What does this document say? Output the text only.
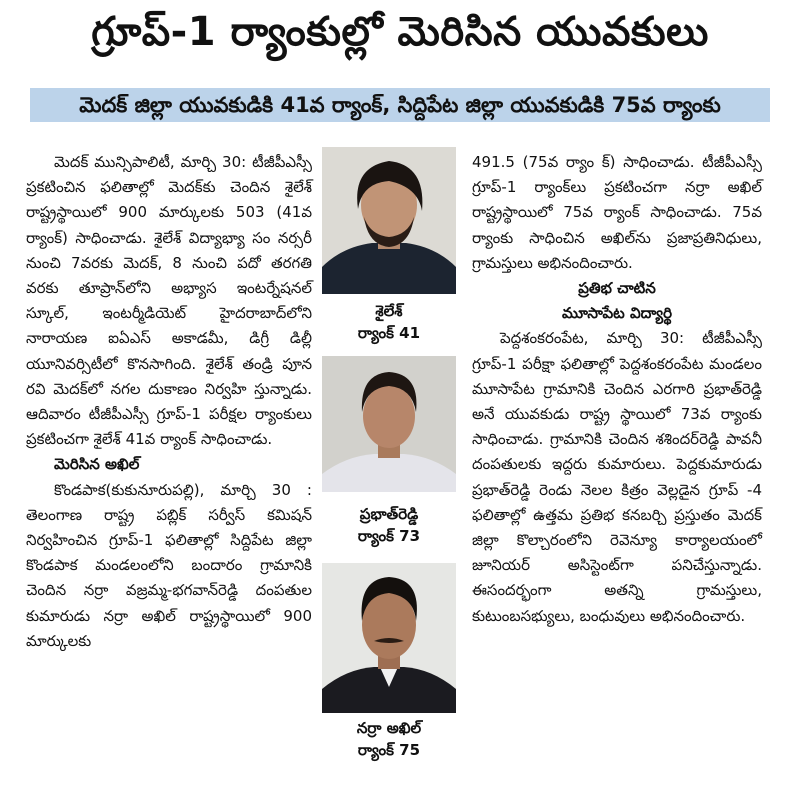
గ్రూప్-1 ర్యాంకుల్లో మెరిసిన యువకులు
మెదక్ జిల్లా యువకుడికి 41వ ర్యాంక్, సిద్దిపేట జిల్లా యువకుడికి 75వ ర్యాంకు

మెదక్ మున్సిపాలిటీ, మార్చి 30: టీజీపీఎస్సీ ప్రకటించిన ఫలితాల్లో మెదక్‌కు చెందిన శైలేశ్ రాష్ట్రస్థాయిలో 900 మార్కులకు 503 (41వ ర్యాంక్) సాధించాడు. శైలేశ్ విద్యాభ్యా సం నర్సరీ నుంచి 7వరకు మెదక్, 8 నుంచి పదో తరగతి వరకు తూప్రాన్‌లోని అభ్యాస ఇంటర్నేషనల్ స్కూల్, ఇంటర్మీడియెట్ హైదరాబాద్‌లోని నారాయణ ఐఏఎస్ అకాడమీ, డిగ్రీ డిల్లీ యూనివర్సిటీలో కొనసాగింది. శైలేశ్ తండ్రి పూన రవి మెదక్‌లో నగల దుకాణం నిర్వహి స్తున్నాడు. ఆదివారం టీజీపీఎస్సీ గ్రూప్-1 పరీక్షల ర్యాంకులు ప్రకటించగా శైలేశ్ 41వ ర్యాంక్ సాధించాడు.

మెరిసిన అఖిల్

కొండపాక(కుకునూరుపల్లి), మార్చి 30 : తెలంగాణ రాష్ట్ర పబ్లిక్ సర్వీస్ కమిషన్ నిర్వహించిన గ్రూప్-1 ఫలితాల్లో సిద్దిపేట జిల్లా కొండపాక మండలంలోని బందారం గ్రామానికి చెందిన నర్రా వజ్రమ్మ-భగవాన్‌రెడ్డి దంపతుల కుమారుడు నర్రా అఖిల్ రాష్ట్రస్థాయిలో 900 మార్కులకు

శైలేశ్
ర్యాంక్ 41
ప్రభాత్‌రెడ్డి
ర్యాంక్ 73
నర్రా అఖిల్
ర్యాంక్ 75

491.5 (75వ ర్యాం క్) సాధించాడు. టీజీపీఎస్సీ గ్రూప్-1 ర్యాంక్‌లు ప్రకటించగా నర్రా అఖిల్ రాష్ట్రస్థాయిలో 75వ ర్యాంక్ సాధించాడు. 75వ ర్యాంకు సాధించిన అఖిల్‌ను ప్రజాప్రతినిధులు, గ్రామస్తులు అభినందించారు.

ప్రతిభ చాటిన

మూసాపేట విద్యార్థి

పెద్దశంకరంపేట, మార్చి 30: టీజీపీఎస్సీ గ్రూప్-1 పరీక్షా ఫలితాల్లో పెద్దశంకరంపేట మండలం మూసాపేట గ్రామానికి చెందిన ఎరగారి ప్రభాత్‌రెడ్డి అనే యువకుడు రాష్ట్ర స్థాయిలో 73వ ర్యాంకు సాధించాడు. గ్రామానికి చెందిన శశిందర్‌రెడ్డి పావనీ దంపతులకు ఇద్దరు కుమారులు. పెద్దకుమారుడు ప్రభాత్‌రెడ్డి రెండు నెలల కిత్రం వెల్లడైన గ్రూప్ -4 ఫలితాల్లో ఉత్తమ ప్రతిభ కనబర్చి ప్రస్తుతం మెదక్ జిల్లా కొల్చారంలోని రెవెన్యూ కార్యాలయంలో జూనియర్ అసిస్టెంట్‌గా పనిచేస్తున్నాడు. ఈసందర్భంగా అతన్ని గ్రామస్తులు, కుటుంబసభ్యులు, బంధువులు అభినందించారు.
